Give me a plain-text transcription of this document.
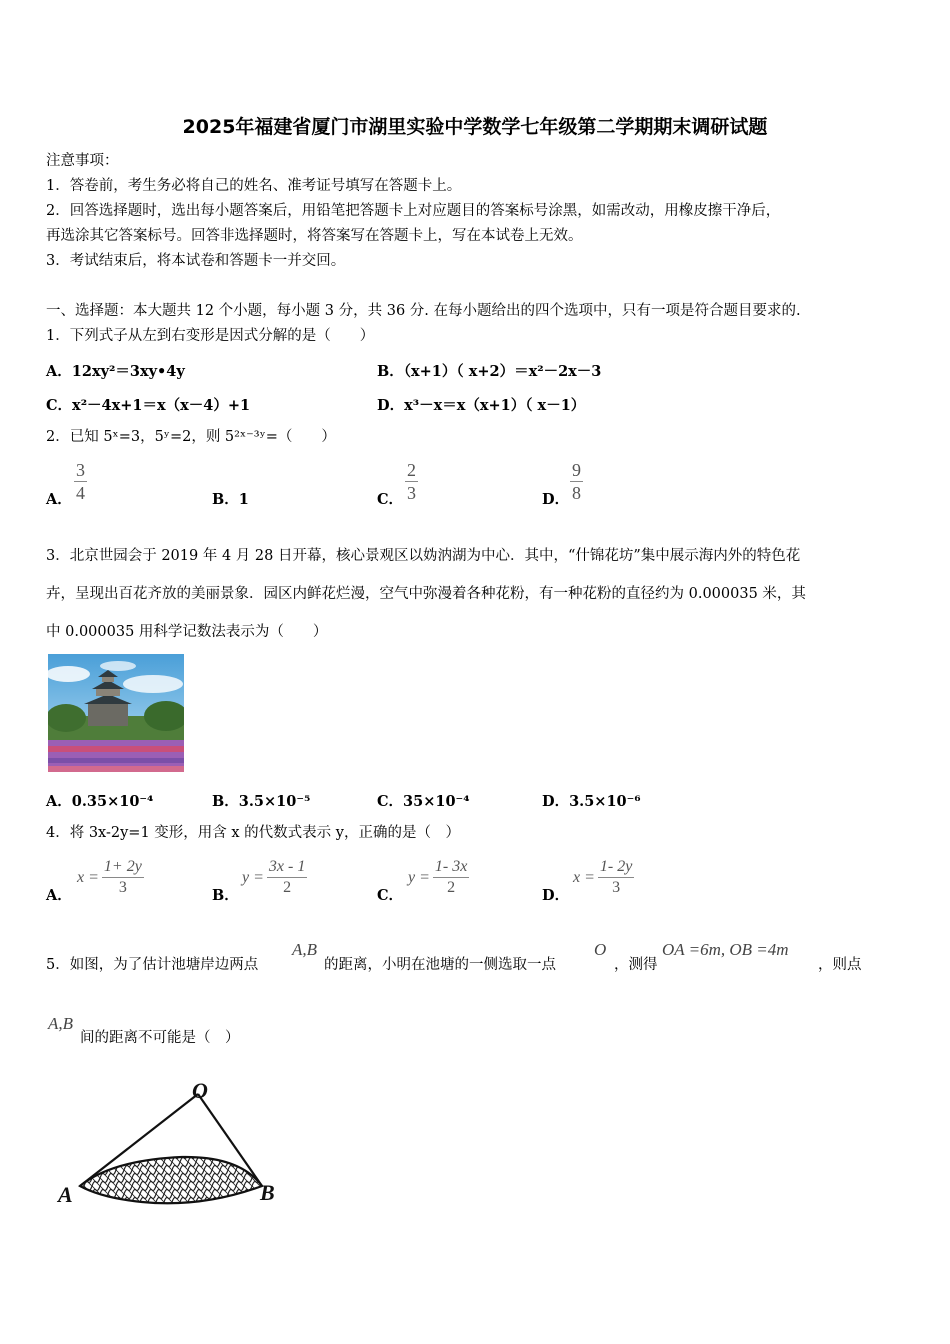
2025年福建省厦门市湖里实验中学数学七年级第二学期期末调研试题
注意事项：
1．答卷前，考生务必将自己的姓名、准考证号填写在答题卡上。
2．回答选择题时，选出每小题答案后，用铅笔把答题卡上对应题目的答案标号涂黑，如需改动，用橡皮擦干净后，
再选涂其它答案标号。回答非选择题时，将答案写在答题卡上，写在本试卷上无效。
3．考试结束后，将本试卷和答题卡一并交回。
一、选择题：本大题共 12 个小题，每小题 3 分，共 36 分. 在每小题给出的四个选项中，只有一项是符合题目要求的.
1．下列式子从左到右变形是因式分解的是（　　）
A．12xy²＝3xy•4y	B．（x+1）（ x+2）＝x²－2x－3
C．x²－4x+1＝x（x－4）+1	D．x³－x＝x（x+1）（ x－1）
2．已知 5ˣ=3，5ʸ=2，则 5²ˣ⁻³ʸ=（　　）
A． $\frac{3}{4}$	B．1	C． $\frac{2}{3}$	D． $\frac{9}{8}$
3．北京世园会于 2019 年 4 月 28 日开幕，核心景观区以妫汭湖为中心．其中，“什锦花坊”集中展示海内外的特色花
卉，呈现出百花齐放的美丽景象．园区内鲜花烂漫，空气中弥漫着各种花粉，有一种花粉的直径约为 0.000035 米，其
中 0.000035 用科学记数法表示为（　　）
A．0.35×10⁻⁴	B．3.5×10⁻⁵	C．35×10⁻⁴	D．3.5×10⁻⁶
4．将 3x-2y=1 变形，用含 x 的代数式表示 y，正确的是（　）
A．
$x = \frac{1+ 2y}{3}$	B．
$y = \frac{3x - 1}{2}$	C．
$y = \frac{1- 3x}{2}$	D．
$x = \frac{1- 2y}{3}$
5．如图，为了估计池塘岸边两点
A,B
的距离，小明在池塘的一侧选取一点
O
，测得
OA =6m, OB =4m
，则点
A,B
间的距离不可能是（　）
O
A	B
